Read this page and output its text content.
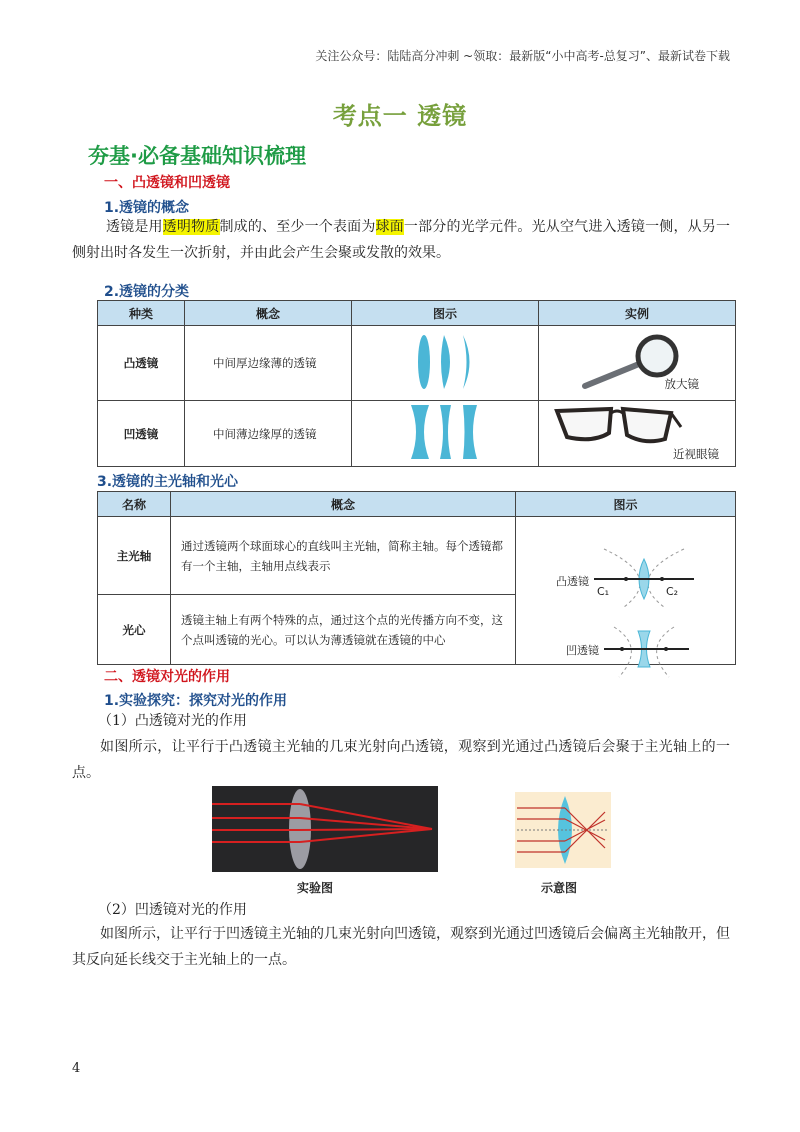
关注公众号：陆陆高分冲刺 ~领取：最新版“小中高考-总复习”、最新试卷下载
考点一 透镜
夯基·必备基础知识梳理
一、凸透镜和凹透镜
1.透镜的概念
透镜是用透明物质制成的、至少一个表面为球面一部分的光学元件。光从空气进入透镜一侧，从另一侧射出时各发生一次折射，并由此会产生会聚或发散的效果。
2.透镜的分类
种类	概念	图示	实例
凸透镜	中间厚边缘薄的透镜		放大镜

凹透镜	中间薄边缘厚的透镜		近视眼镜
3.透镜的主光轴和光心
名称	概念	图示
主光轴	通过透镜两个球面球心的直线叫主光轴，简称主轴。每个透镜都有一个主轴，主轴用点线表示	凸透镜
凹透镜
C₁ C₂

光心	透镜主轴上有两个特殊的点，通过这个点的光传播方向不变，这个点叫透镜的光心。可以认为薄透镜就在透镜的中心	
二、透镜对光的作用
1.实验探究：探究对光的作用
（1）凸透镜对光的作用
如图所示，让平行于凸透镜主光轴的几束光射向凸透镜，观察到光通过凸透镜后会聚于主光轴上的一点。
实验图	示意图
（2）凹透镜对光的作用
如图所示，让平行于凹透镜主光轴的几束光射向凹透镜，观察到光通过凹透镜后会偏离主光轴散开，但其反向延长线交于主光轴上的一点。
4
